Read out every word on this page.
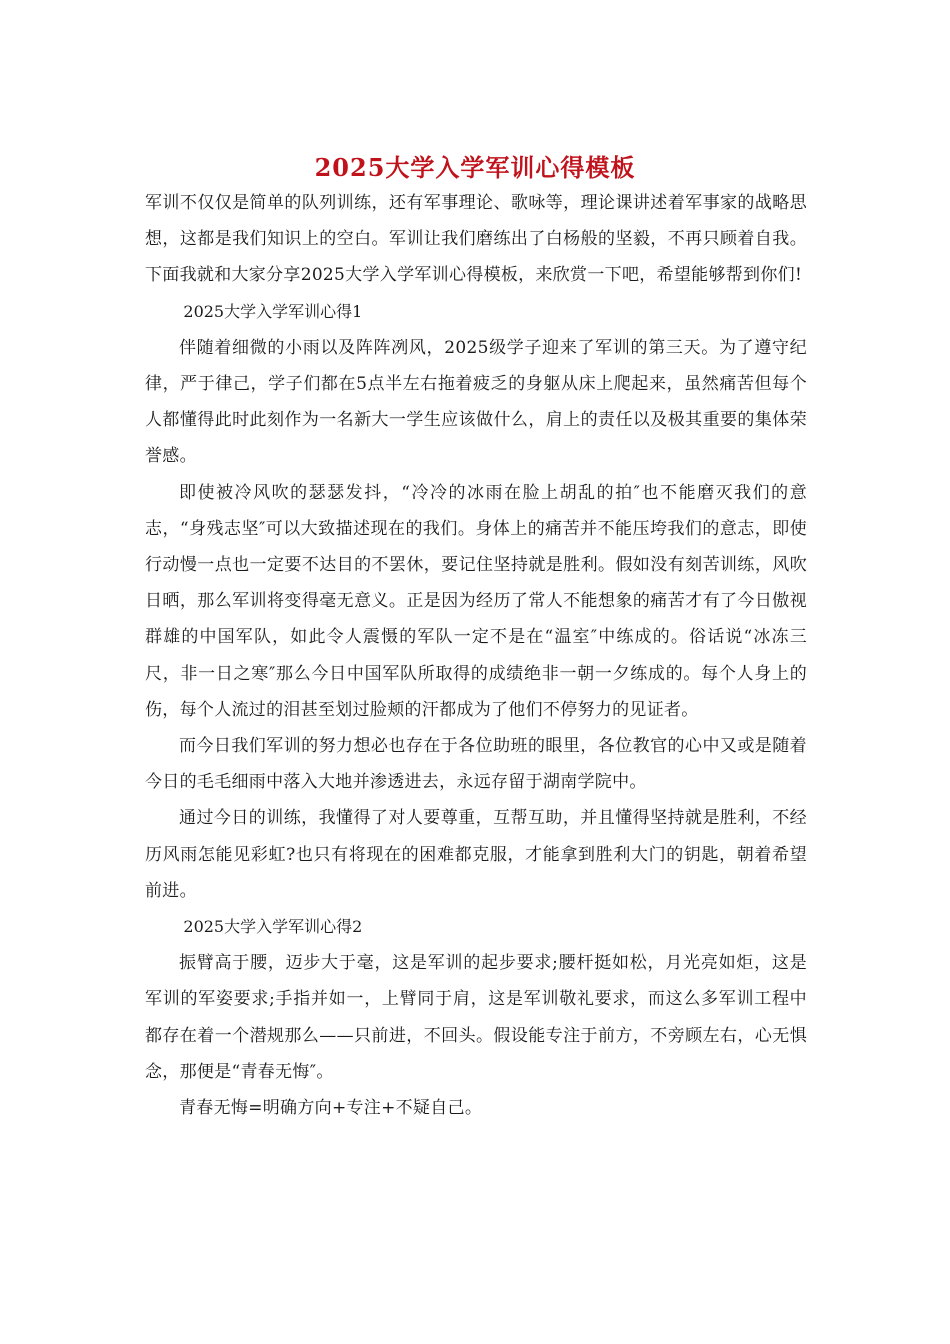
2025大学入学军训心得模板

军训不仅仅是简单的队列训练，还有军事理论、歌咏等，理论课讲述着军事家的战略思想，这都是我们知识上的空白。军训让我们磨练出了白杨般的坚毅，不再只顾着自我。下面我就和大家分享2025大学入学军训心得模板，来欣赏一下吧，希望能够帮到你们!

2025大学入学军训心得1

伴随着细微的小雨以及阵阵冽风，2025级学子迎来了军训的第三天。为了遵守纪律，严于律己，学子们都在5点半左右拖着疲乏的身躯从床上爬起来，虽然痛苦但每个人都懂得此时此刻作为一名新大一学生应该做什么，肩上的责任以及极其重要的集体荣誉感。

即使被冷风吹的瑟瑟发抖，“冷冷的冰雨在脸上胡乱的拍″也不能磨灭我们的意志，“身残志坚″可以大致描述现在的我们。身体上的痛苦并不能压垮我们的意志，即使行动慢一点也一定要不达目的不罢休，要记住坚持就是胜利。假如没有刻苦训练，风吹日晒，那么军训将变得毫无意义。正是因为经历了常人不能想象的痛苦才有了今日傲视群雄的中国军队，如此令人震慑的军队一定不是在“温室″中练成的。俗话说“冰冻三尺，非一日之寒″那么今日中国军队所取得的成绩绝非一朝一夕练成的。每个人身上的伤，每个人流过的泪甚至划过脸颊的汗都成为了他们不停努力的见证者。

而今日我们军训的努力想必也存在于各位助班的眼里，各位教官的心中又或是随着今日的毛毛细雨中落入大地并渗透进去，永远存留于湖南学院中。

通过今日的训练，我懂得了对人要尊重，互帮互助，并且懂得坚持就是胜利，不经历风雨怎能见彩虹?也只有将现在的困难都克服，才能拿到胜利大门的钥匙，朝着希望前进。

2025大学入学军训心得2

振臂高于腰，迈步大于毫，这是军训的起步要求;腰杆挺如松，月光亮如炬，这是军训的军姿要求;手指并如一，上臂同于肩，这是军训敬礼要求，而这么多军训工程中都存在着一个潜规那么——只前进，不回头。假设能专注于前方，不旁顾左右，心无惧念，那便是“青春无悔″。

青春无悔=明确方向+专注+不疑自己。
